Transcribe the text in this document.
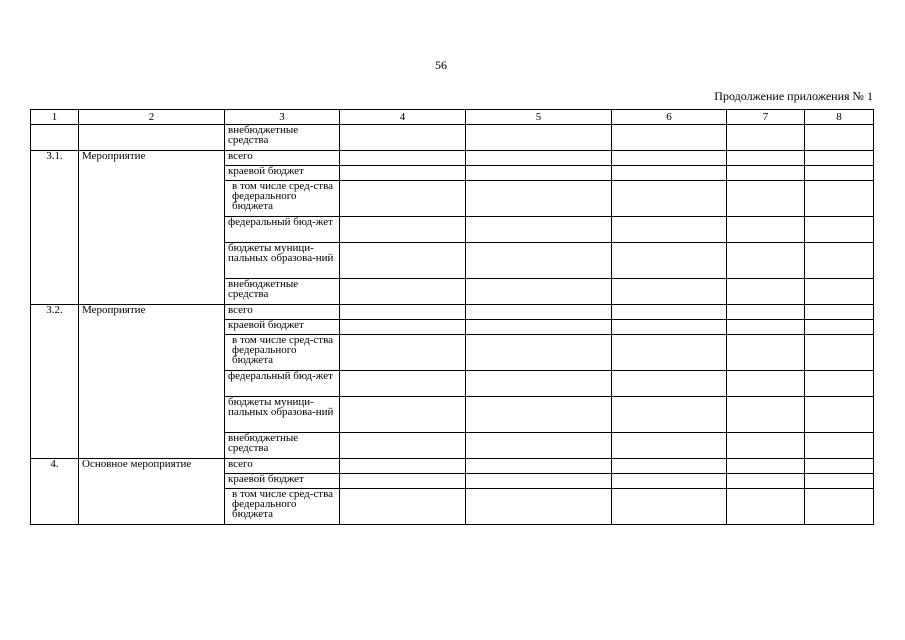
56
Продолжение приложения № 1
1	2	3	4	5	6	7	8
		внебюджетные средства					
3.1.	Мероприятие	всего					
		краевой бюджет					
		в том числе сред-ства федерального бюджета					
		федеральный бюд-жет					
		бюджеты муници-пальных образова-ний					
		внебюджетные средства					
3.2.	Мероприятие	всего					
		краевой бюджет					
		в том числе сред-ства федерального бюджета					
		федеральный бюд-жет					
		бюджеты муници-пальных образова-ний					
		внебюджетные средства					
4.	Основное мероприятие	всего					
		краевой бюджет					
		в том числе сред-ства федерального бюджета					
